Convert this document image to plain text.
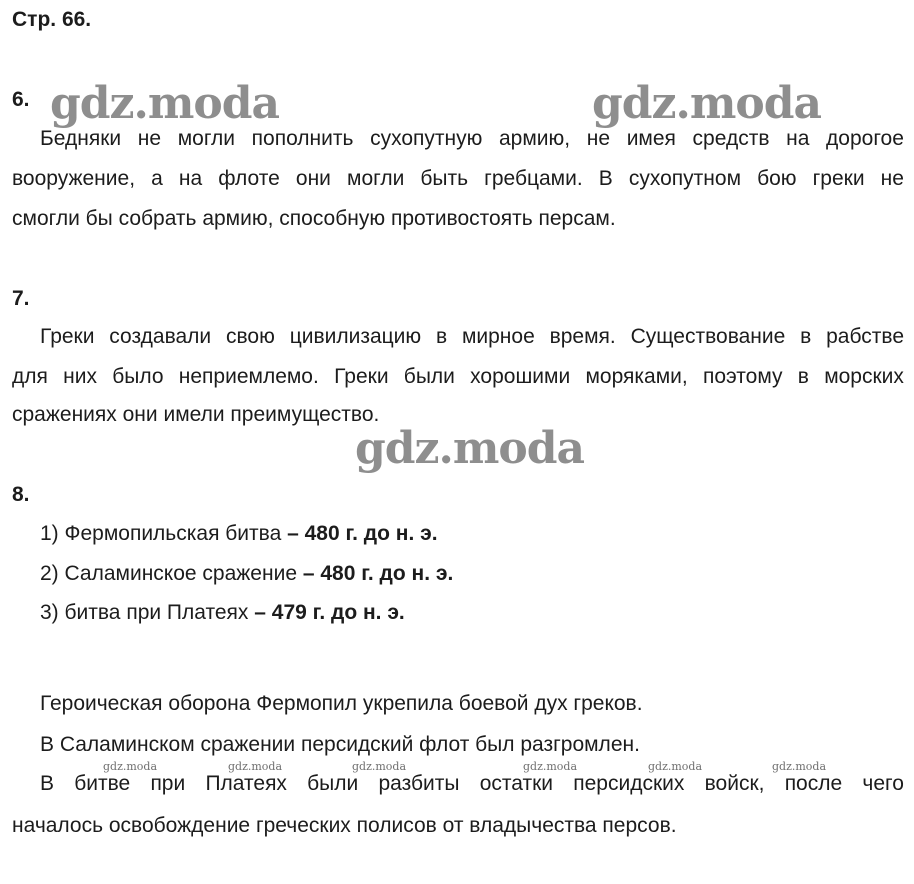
Стр. 66.
6.
Бедняки не могли пополнить сухопутную армию, не имея средств на дорогое
вооружение, а на флоте они могли быть гребцами. В сухопутном бою греки не
смогли бы собрать армию, способную противостоять персам.
7.
Греки создавали свою цивилизацию в мирное время. Существование в рабстве
для них было неприемлемо. Греки были хорошими моряками, поэтому в морских
сражениях они имели преимущество.
8.
1) Фермопильская битва – 480 г. до н. э.
2) Саламинское сражение – 480 г. до н. э.
3) битва при Платеях – 479 г. до н. э.
Героическая оборона Фермопил укрепила боевой дух греков.
В Саламинском сражении персидский флот был разгромлен.
В битве при Платеях были разбиты остатки персидских войск, после чего
началось освобождение греческих полисов от владычества персов.
gdz.moda	gdz.moda
gdz.moda
gdz.moda	gdz.moda	gdz.moda	gdz.moda	gdz.moda	gdz.moda
